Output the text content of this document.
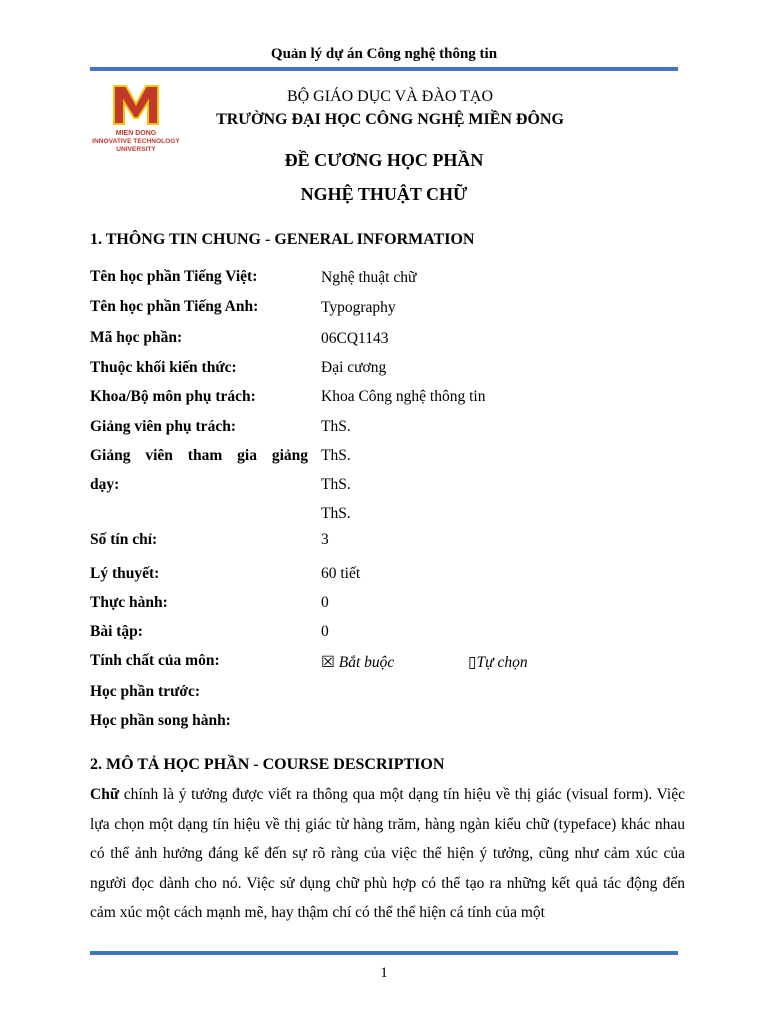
Quản lý dự án Công nghệ thông tin
MIEN DONG
INNOVATIVE TECHNOLOGY
UNIVERSITY
BỘ GIÁO DỤC VÀ ĐÀO TẠO
TRƯỜNG ĐẠI HỌC CÔNG NGHỆ MIỀN ĐÔNG
ĐỀ CƯƠNG HỌC PHẦN
NGHỆ THUẬT CHỮ
1. THÔNG TIN CHUNG - GENERAL INFORMATION
Tên học phần Tiếng Việt:	Nghệ thuật chữ
Tên học phần Tiếng Anh:	Typography
Mã học phần:	06CQ1143
Thuộc khối kiến thức:	Đại cương
Khoa/Bộ môn phụ trách:	Khoa Công nghệ thông tin
Giảng viên phụ trách:	ThS.
Giảng viên tham gia giảng
dạy:
ThS.
ThS.
ThS.
Số tín chỉ:	3
Lý thuyết:	60 tiết
Thực hành:	0
Bài tập:	0
Tính chất của môn:	☒ Bắt buộc	▯Tự chọn
Học phần trước:
Học phần song hành:
2. MÔ TẢ HỌC PHẦN - COURSE DESCRIPTION
Chữ chính là ý tưởng được viết ra thông qua một dạng tín hiệu về thị giác (visual form). Việc lựa chọn một dạng tín hiệu về thị giác từ hàng trăm, hàng ngàn kiểu chữ (typeface) khác nhau có thể ảnh hưởng đáng kể đến sự rõ ràng của việc thể hiện ý tưởng, cũng như cảm xúc của người đọc dành cho nó. Việc sử dụng chữ phù hợp có thể tạo ra những kết quả tác động đến cảm xúc một cách mạnh mẽ, hay thậm chí có thể thể hiện cá tính của một
1
